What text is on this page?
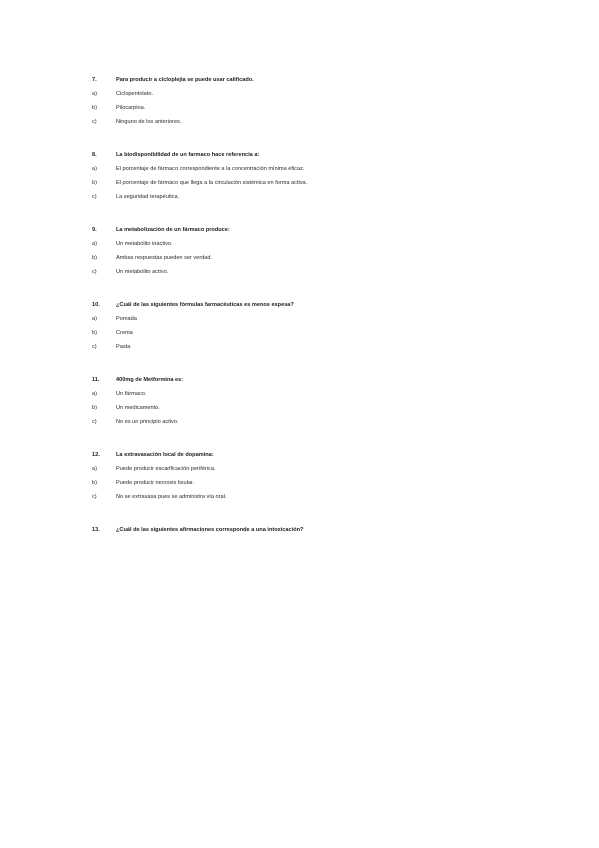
7.	Para producir a cicloplejia se puede usar calificado.
a)	Ciclopentolato.
b)	Pilocarpina.
c)	Ninguno de los anteriores.
8.	La biodisponibilidad de un farmaco hace referencia a:
a)	El porcentaje de fármaco correspondiente a la concentración mínima eficaz.
b)	El porcentaje de fármaco que llega a la circulación sistémica en forma activa.
c)	La seguridad terapéutica.
9.	La metabolización de un fármaco produce:
a)	Un metabolito inactivo.
b)	Ambas respuestas pueden ser verdad.
c)	Un metabolito activo.
10.	¿Cuál de las siguientes fórmulas farmacéuticas es menos espesa?
a)	Pomada
b)	Crema
c)	Pasta
11.	400mg de Metformina es:
a)	Un fármaco.
b)	Un medicamento.
c)	No es un principio activo.
12.	La extravasación local de dopamina:
a)	Puede producir escarificación periférica.
b)	Puede producir necrosis tisular.
c)	No se extravasa pues se administra vía oral.
13.	¿Cuál de las siguientes afirmaciones corresponde a una intoxicación?
